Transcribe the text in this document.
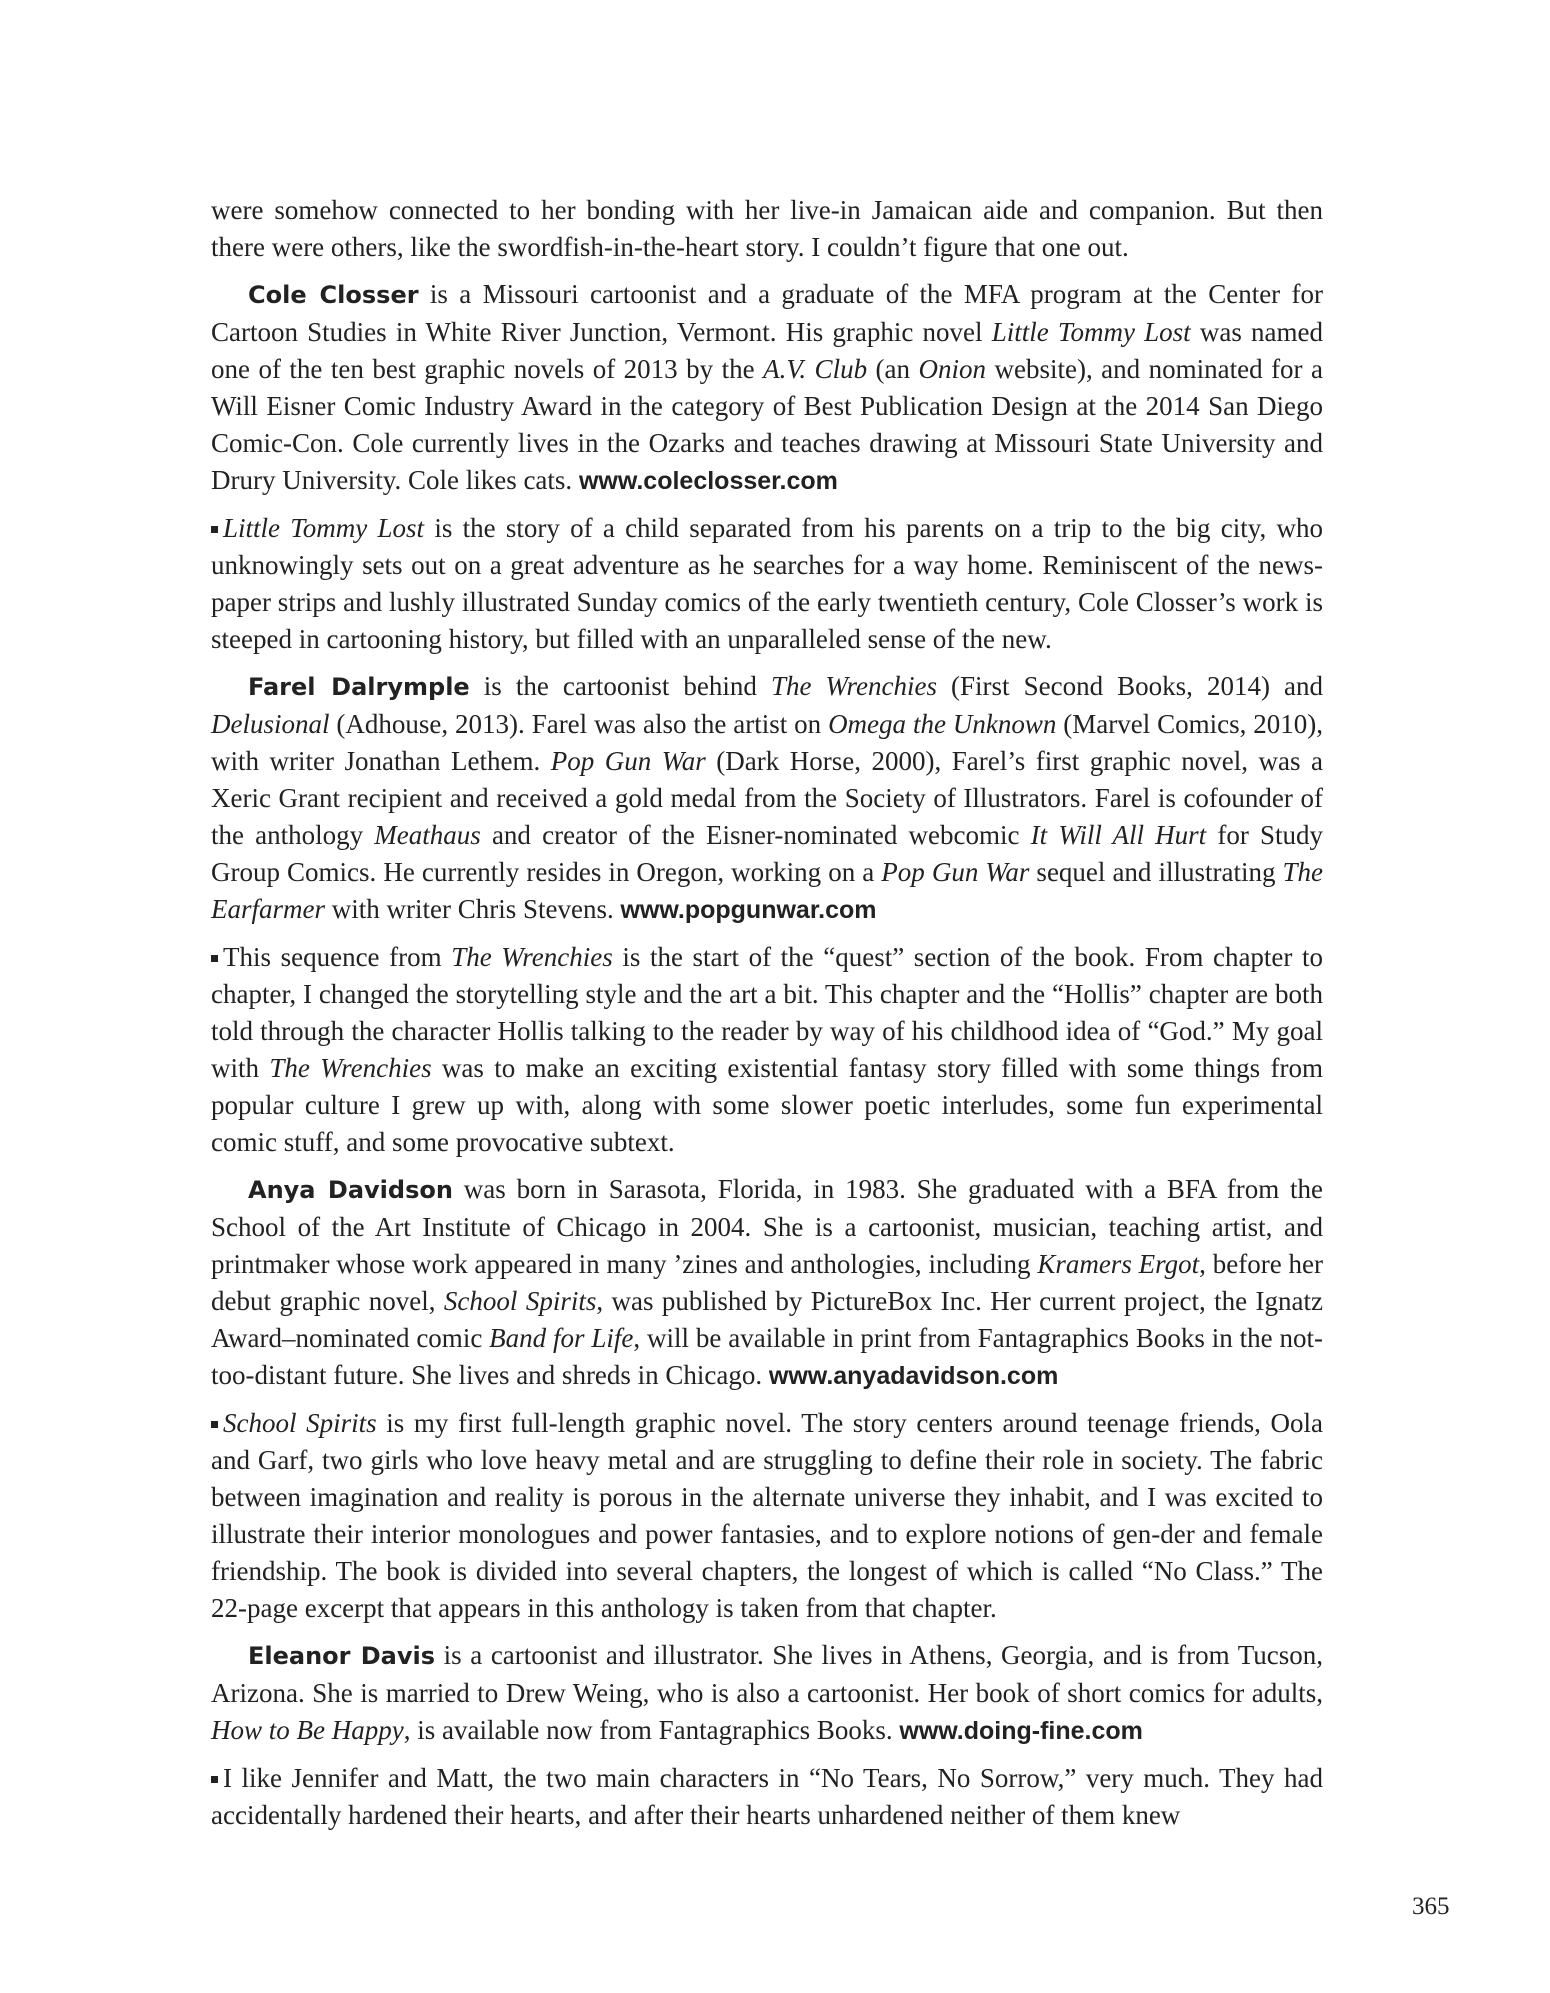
were somehow connected to her bonding with her live-in Jamaican aide and companion. But then there were others, like the swordfish-in-the-heart story. I couldn’t figure that one out.

Cole Closser is a Missouri cartoonist and a graduate of the MFA program at the Center for Cartoon Studies in White River Junction, Vermont. His graphic novel Little Tommy Lost was named one of the ten best graphic novels of 2013 by the A.V. Club (an Onion website), and nominated for a Will Eisner Comic Industry Award in the category of Best Publication Design at the 2014 San Diego Comic-Con. Cole currently lives in the Ozarks and teaches drawing at Missouri State University and Drury University. Cole likes cats. www.coleclosser.com

Little Tommy Lost is the story of a child separated from his parents on a trip to the big city, who unknowingly sets out on a great adventure as he searches for a way home. Reminiscent of the news-paper strips and lushly illustrated Sunday comics of the early twentieth century, Cole Closser’s work is steeped in cartooning history, but filled with an unparalleled sense of the new.

Farel Dalrymple is the cartoonist behind The Wrenchies (First Second Books, 2014) and Delusional (Adhouse, 2013). Farel was also the artist on Omega the Unknown (Marvel Comics, 2010), with writer Jonathan Lethem. Pop Gun War (Dark Horse, 2000), Farel’s first graphic novel, was a Xeric Grant recipient and received a gold medal from the Society of Illustrators. Farel is cofounder of the anthology Meathaus and creator of the Eisner-nominated webcomic It Will All Hurt for Study Group Comics. He currently resides in Oregon, working on a Pop Gun War sequel and illustrating The Earfarmer with writer Chris Stevens. www.popgunwar.com

This sequence from The Wrenchies is the start of the “quest” section of the book. From chapter to chapter, I changed the storytelling style and the art a bit. This chapter and the “Hollis” chapter are both told through the character Hollis talking to the reader by way of his childhood idea of “God.” My goal with The Wrenchies was to make an exciting existential fantasy story filled with some things from popular culture I grew up with, along with some slower poetic interludes, some fun experimental comic stuff, and some provocative subtext.

Anya Davidson was born in Sarasota, Florida, in 1983. She graduated with a BFA from the School of the Art Institute of Chicago in 2004. She is a cartoonist, musician, teaching artist, and printmaker whose work appeared in many ’zines and anthologies, including Kramers Ergot, before her debut graphic novel, School Spirits, was published by PictureBox Inc. Her current project, the Ignatz Award–nominated comic Band for Life, will be available in print from Fantagraphics Books in the not-too-distant future. She lives and shreds in Chicago. www.anyadavidson.com

School Spirits is my first full-length graphic novel. The story centers around teenage friends, Oola and Garf, two girls who love heavy metal and are struggling to define their role in society. The fabric between imagination and reality is porous in the alternate universe they inhabit, and I was excited to illustrate their interior monologues and power fantasies, and to explore notions of gen-der and female friendship. The book is divided into several chapters, the longest of which is called “No Class.” The 22-page excerpt that appears in this anthology is taken from that chapter.

Eleanor Davis is a cartoonist and illustrator. She lives in Athens, Georgia, and is from Tucson, Arizona. She is married to Drew Weing, who is also a cartoonist. Her book of short comics for adults, How to Be Happy, is available now from Fantagraphics Books. www.doing-fine.com

I like Jennifer and Matt, the two main characters in “No Tears, No Sorrow,” very much. They had accidentally hardened their hearts, and after their hearts unhardened neither of them knew

365
